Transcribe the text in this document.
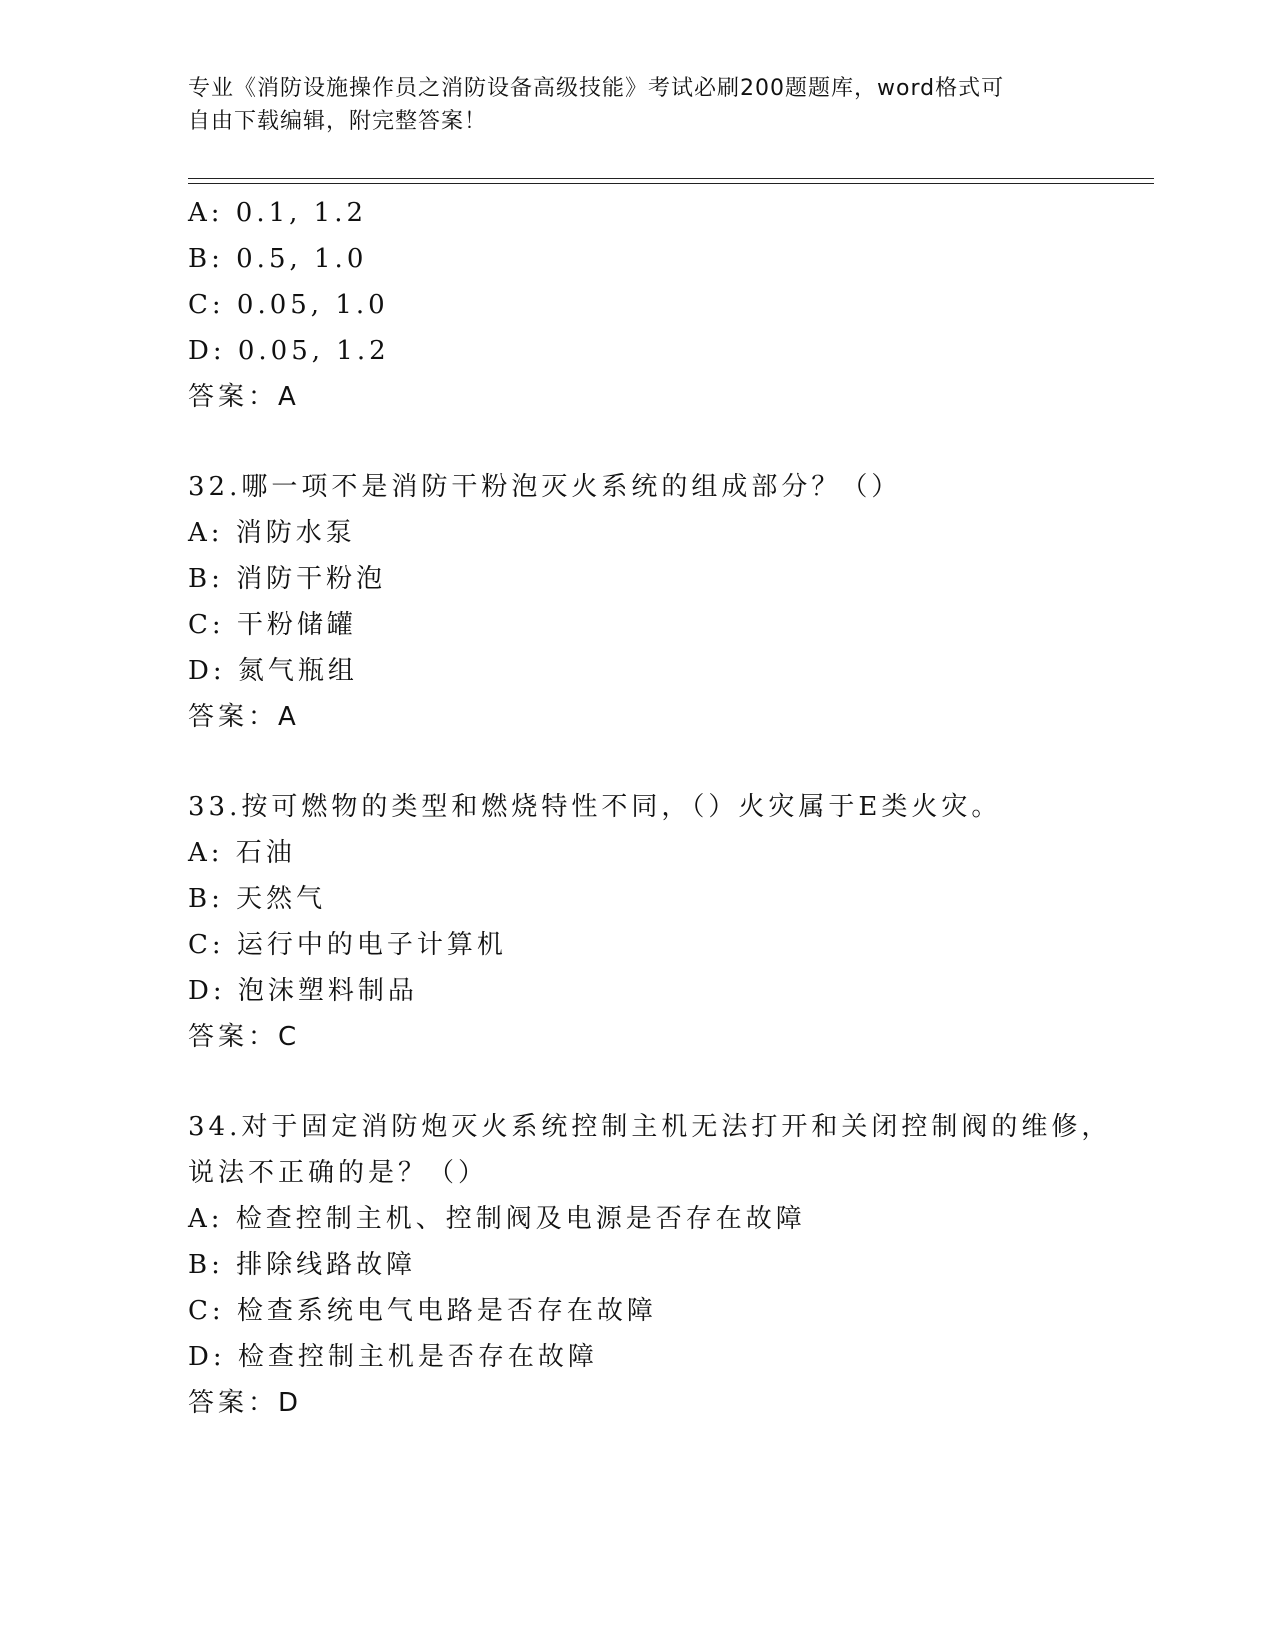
专业《消防设施操作员之消防设备高级技能》考试必刷200题题库，word格式可
自由下载编辑，附完整答案！
A: 0.1, 1.2
B: 0.5, 1.0
C: 0.05, 1.0
D: 0.05, 1.2
答案：A
32.哪一项不是消防干粉泡灭火系统的组成部分？（）
A: 消防水泵
B: 消防干粉泡
C: 干粉储罐
D: 氮气瓶组
答案：A
33.按可燃物的类型和燃烧特性不同，（）火灾属于E类火灾。
A: 石油
B: 天然气
C: 运行中的电子计算机
D: 泡沫塑料制品
答案：C
34.对于固定消防炮灭火系统控制主机无法打开和关闭控制阀的维修，
说法不正确的是？（）
A: 检查控制主机、控制阀及电源是否存在故障
B: 排除线路故障
C: 检查系统电气电路是否存在故障
D: 检查控制主机是否存在故障
答案：D
